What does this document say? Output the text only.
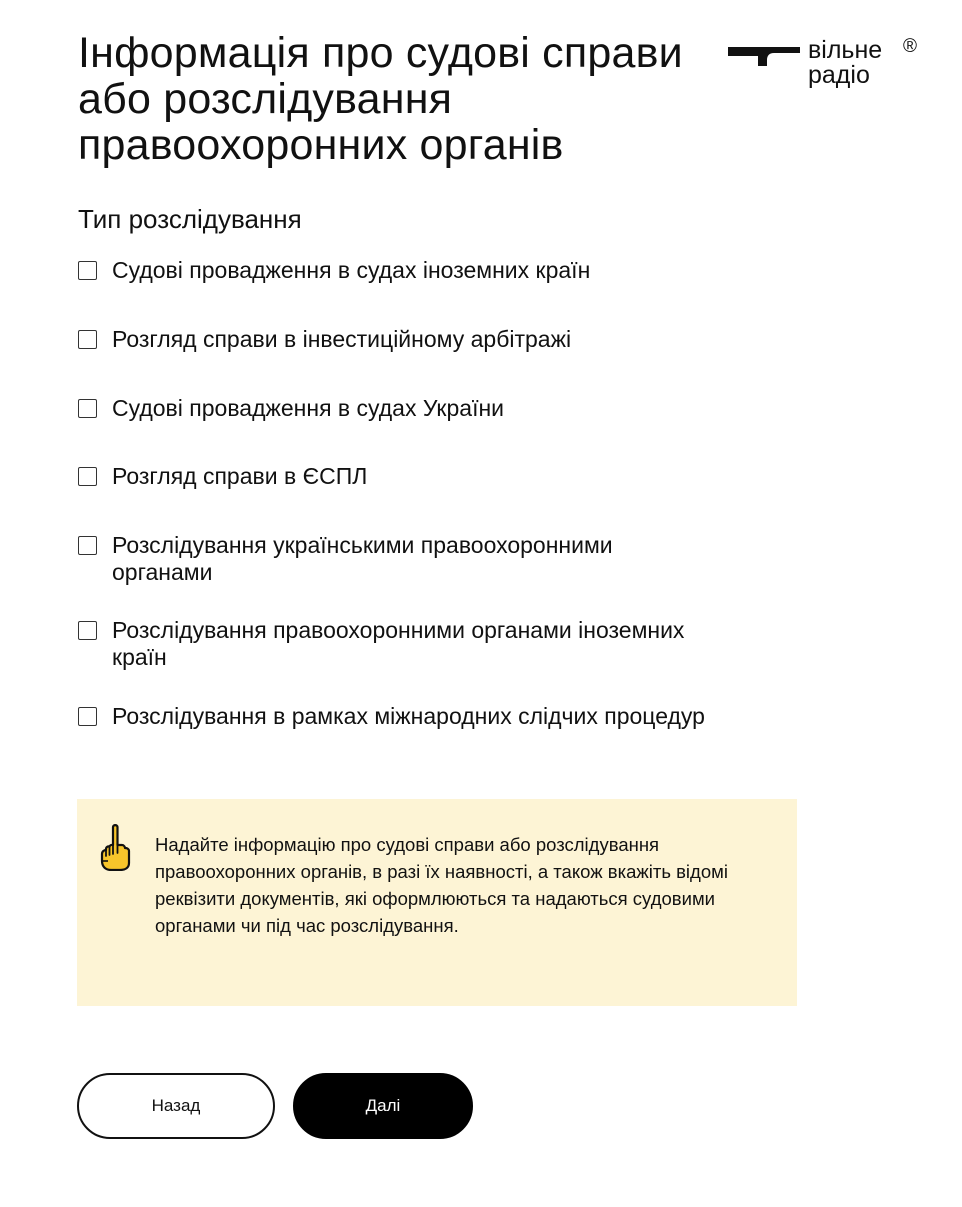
Інформація про судові справи або розслідування правоохоронних органів
вільне
радіо
®
Тип розслідування
Судові провадження в судах іноземних країн
Розгляд справи в інвестиційному арбітражі
Судові провадження в судах України
Розгляд справи в ЄСПЛ
Розслідування українськими правоохоронними органами
Розслідування правоохоронними органами іноземних країн
Розслідування в рамках міжнародних слідчих процедур

Надайте інформацію про судові справи або розслідування правоохоронних органів, в разі їх наявності, а також вкажіть відомі реквізити документів, які оформлюються та надаються судовими органами чи під час розслідування.

Назад	Далі
